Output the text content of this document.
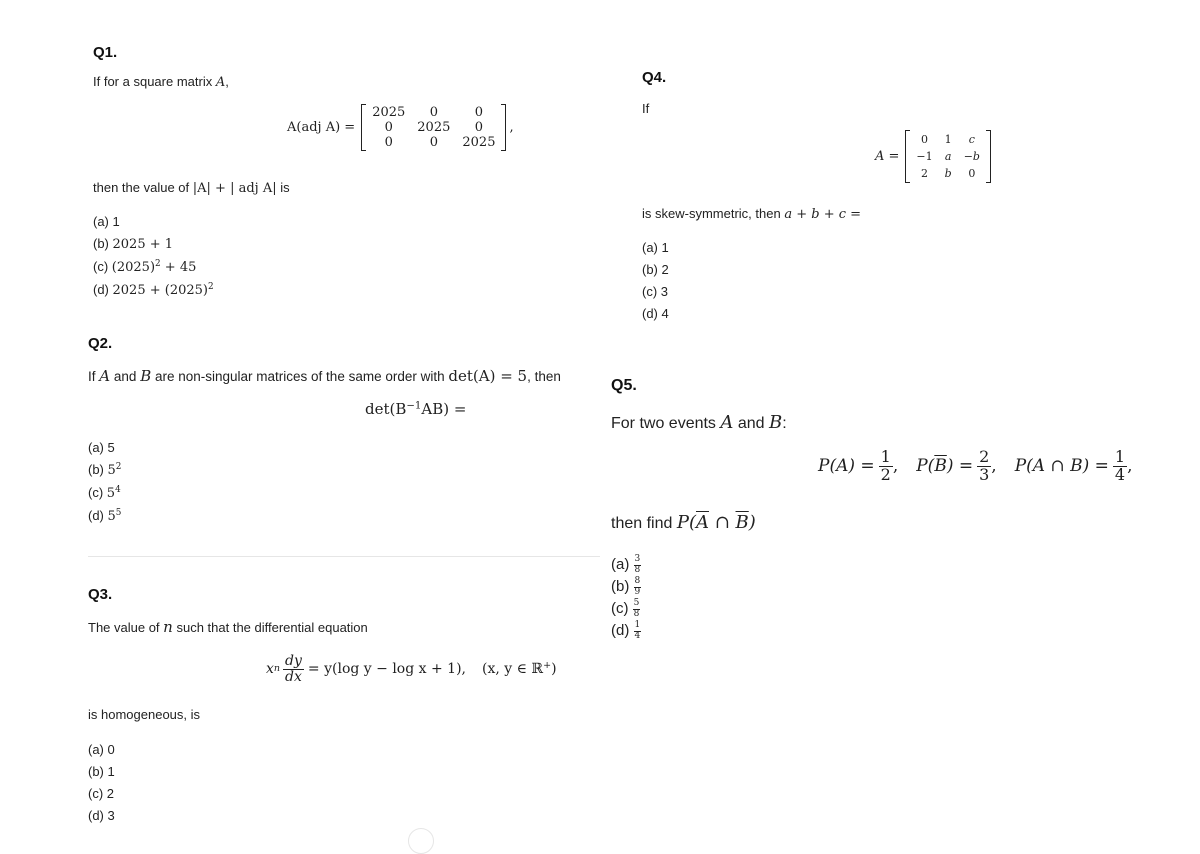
Q1.
If for a square matrix A,
A(adj A) =
2025	0	0
0	2025	0
0	0	2025
,
then the value of |A| + | adj A| is
(a) 1
(b) 2025 + 1
(c) $(2025)^2 + 45$
(d) $2025 + (2025)^2$
Q2.
If A and B are non-singular matrices of the same order with det(A) = 5, then
$\det(B^{-1}AB)$ =
(a) 5
(b) $5^2$
(c) $5^4$
(d) $5^5$
Q3.
The value of n such that the differential equation
x n $\frac{dy}{dx} = y(\log$ y − log x + 1), (x, y ∈ ℝ+)
is homogeneous, is
(a) 0
(b) 1
(c) 2
(d) 3
Q4.
If
A =
0	1	c
−1	a	−b
2	b	0
is skew-symmetric, then a + b + c =
(a) 1
(b) 2
(c) 3
(d) 4
Q5.
For two events A and B:
$P(A) = \frac{1}{2}$ , $P(\overline{B}) = \frac{2}{3}$ , P(A ∩ $B) = \frac{1}{4}$ ,
then find $P(\overline{A}$ ∩ $\overline{B}$)
$(a) \frac{3}{8}$
$(b) \frac{8}{9}$
$(c) \frac{5}{8}$
$(d) \frac{1}{4}$
